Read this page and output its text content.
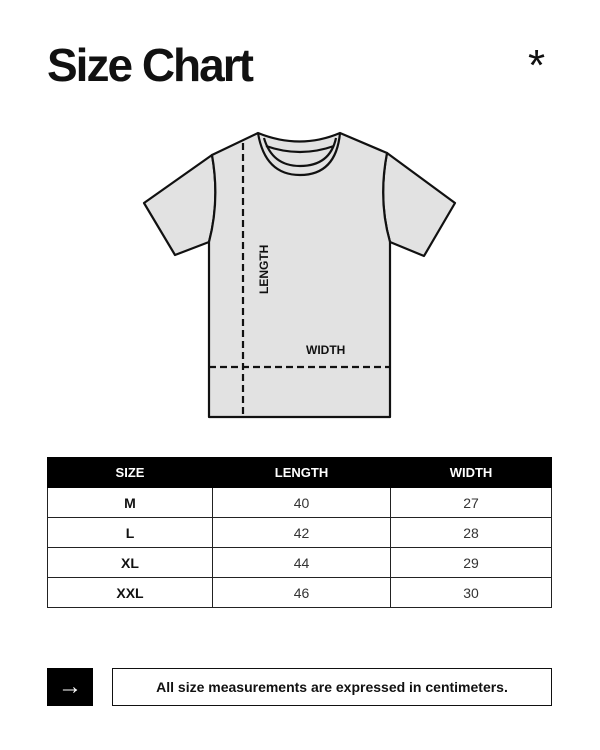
Size Chart	*
LENGTH
WIDTH
SIZE	LENGTH	WIDTH
M	40	27
L	42	28
XL	44	29
XXL	46	30
→	All size measurements are expressed in centimeters.
